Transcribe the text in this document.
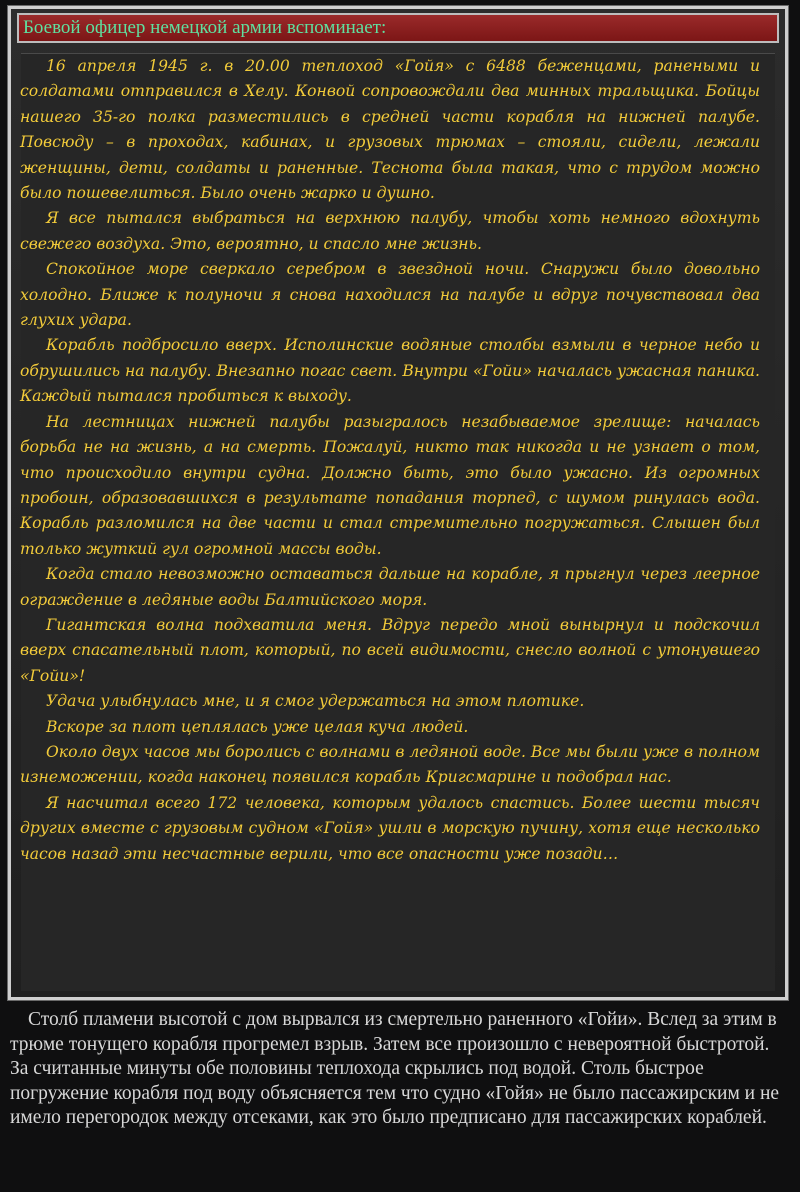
Боевой офицер немецкой армии вспоминает:

16 апреля 1945 г. в 20.00 теплоход «Гойя» с 6488 беженцами, ранеными и солдатами отправился в Хелу. Конвой сопровождали два минных тральщика. Бойцы нашего 35-го полка разместились в средней части корабля на нижней палубе. Повсюду – в проходах, кабинах, и грузовых трюмах – стояли, сидели, лежали женщины, дети, солдаты и раненные. Теснота была такая, что с трудом можно было пошевелиться. Было очень жарко и душно.

Я все пытался выбраться на верхнюю палубу, чтобы хоть немного вдохнуть свежего воздуха. Это, вероятно, и спасло мне жизнь.

Спокойное море сверкало серебром в звездной ночи. Снаружи было довольно холодно. Ближе к полуночи я снова находился на палубе и вдруг почувствовал два глухих удара.

Корабль подбросило вверх. Исполинские водяные столбы взмыли в черное небо и обрушились на палубу. Внезапно погас свет. Внутри «Гойи» началась ужасная паника. Каждый пытался пробиться к выходу.

На лестницах нижней палубы разыгралось незабываемое зрелище: началась борьба не на жизнь, а на смерть. Пожалуй, никто так никогда и не узнает о том, что происходило внутри судна. Должно быть, это было ужасно. Из огромных пробоин, образовавшихся в результате попадания торпед, с шумом ринулась вода. Корабль разломился на две части и стал стремительно погружаться. Слышен был только жуткий гул огромной массы воды.

Когда стало невозможно оставаться дальше на корабле, я прыгнул через леерное ограждение в ледяные воды Балтийского моря.

Гигантская волна подхватила меня. Вдруг передо мной вынырнул и подскочил вверх спасательный плот, который, по всей видимости, снесло волной с утонувшего «Гойи»!

Удача улыбнулась мне, и я смог удержаться на этом плотике.

Вскоре за плот цеплялась уже целая куча людей.

Около двух часов мы боролись с волнами в ледяной воде. Все мы были уже в полном изнеможении, когда наконец появился корабль Кригсмарине и подобрал нас.

Я насчитал всего 172 человека, которым удалось спастись. Более шести тысяч других вместе с грузовым судном «Гойя» ушли в морскую пучину, хотя еще несколько часов назад эти несчастные верили, что все опасности уже позади…

Столб пламени высотой с дом вырвался из смертельно раненного «Гойи». Вслед за этим в трюме тонущего корабля прогремел взрыв. Затем все произошло с невероятной быстротой. За считанные минуты обе половины теплохода скрылись под водой. Столь быстрое погружение корабля под воду объясняется тем что судно «Гойя» не было пассажирским и не имело перегородок между отсеками, как это было предписано для пассажирских кораблей.
